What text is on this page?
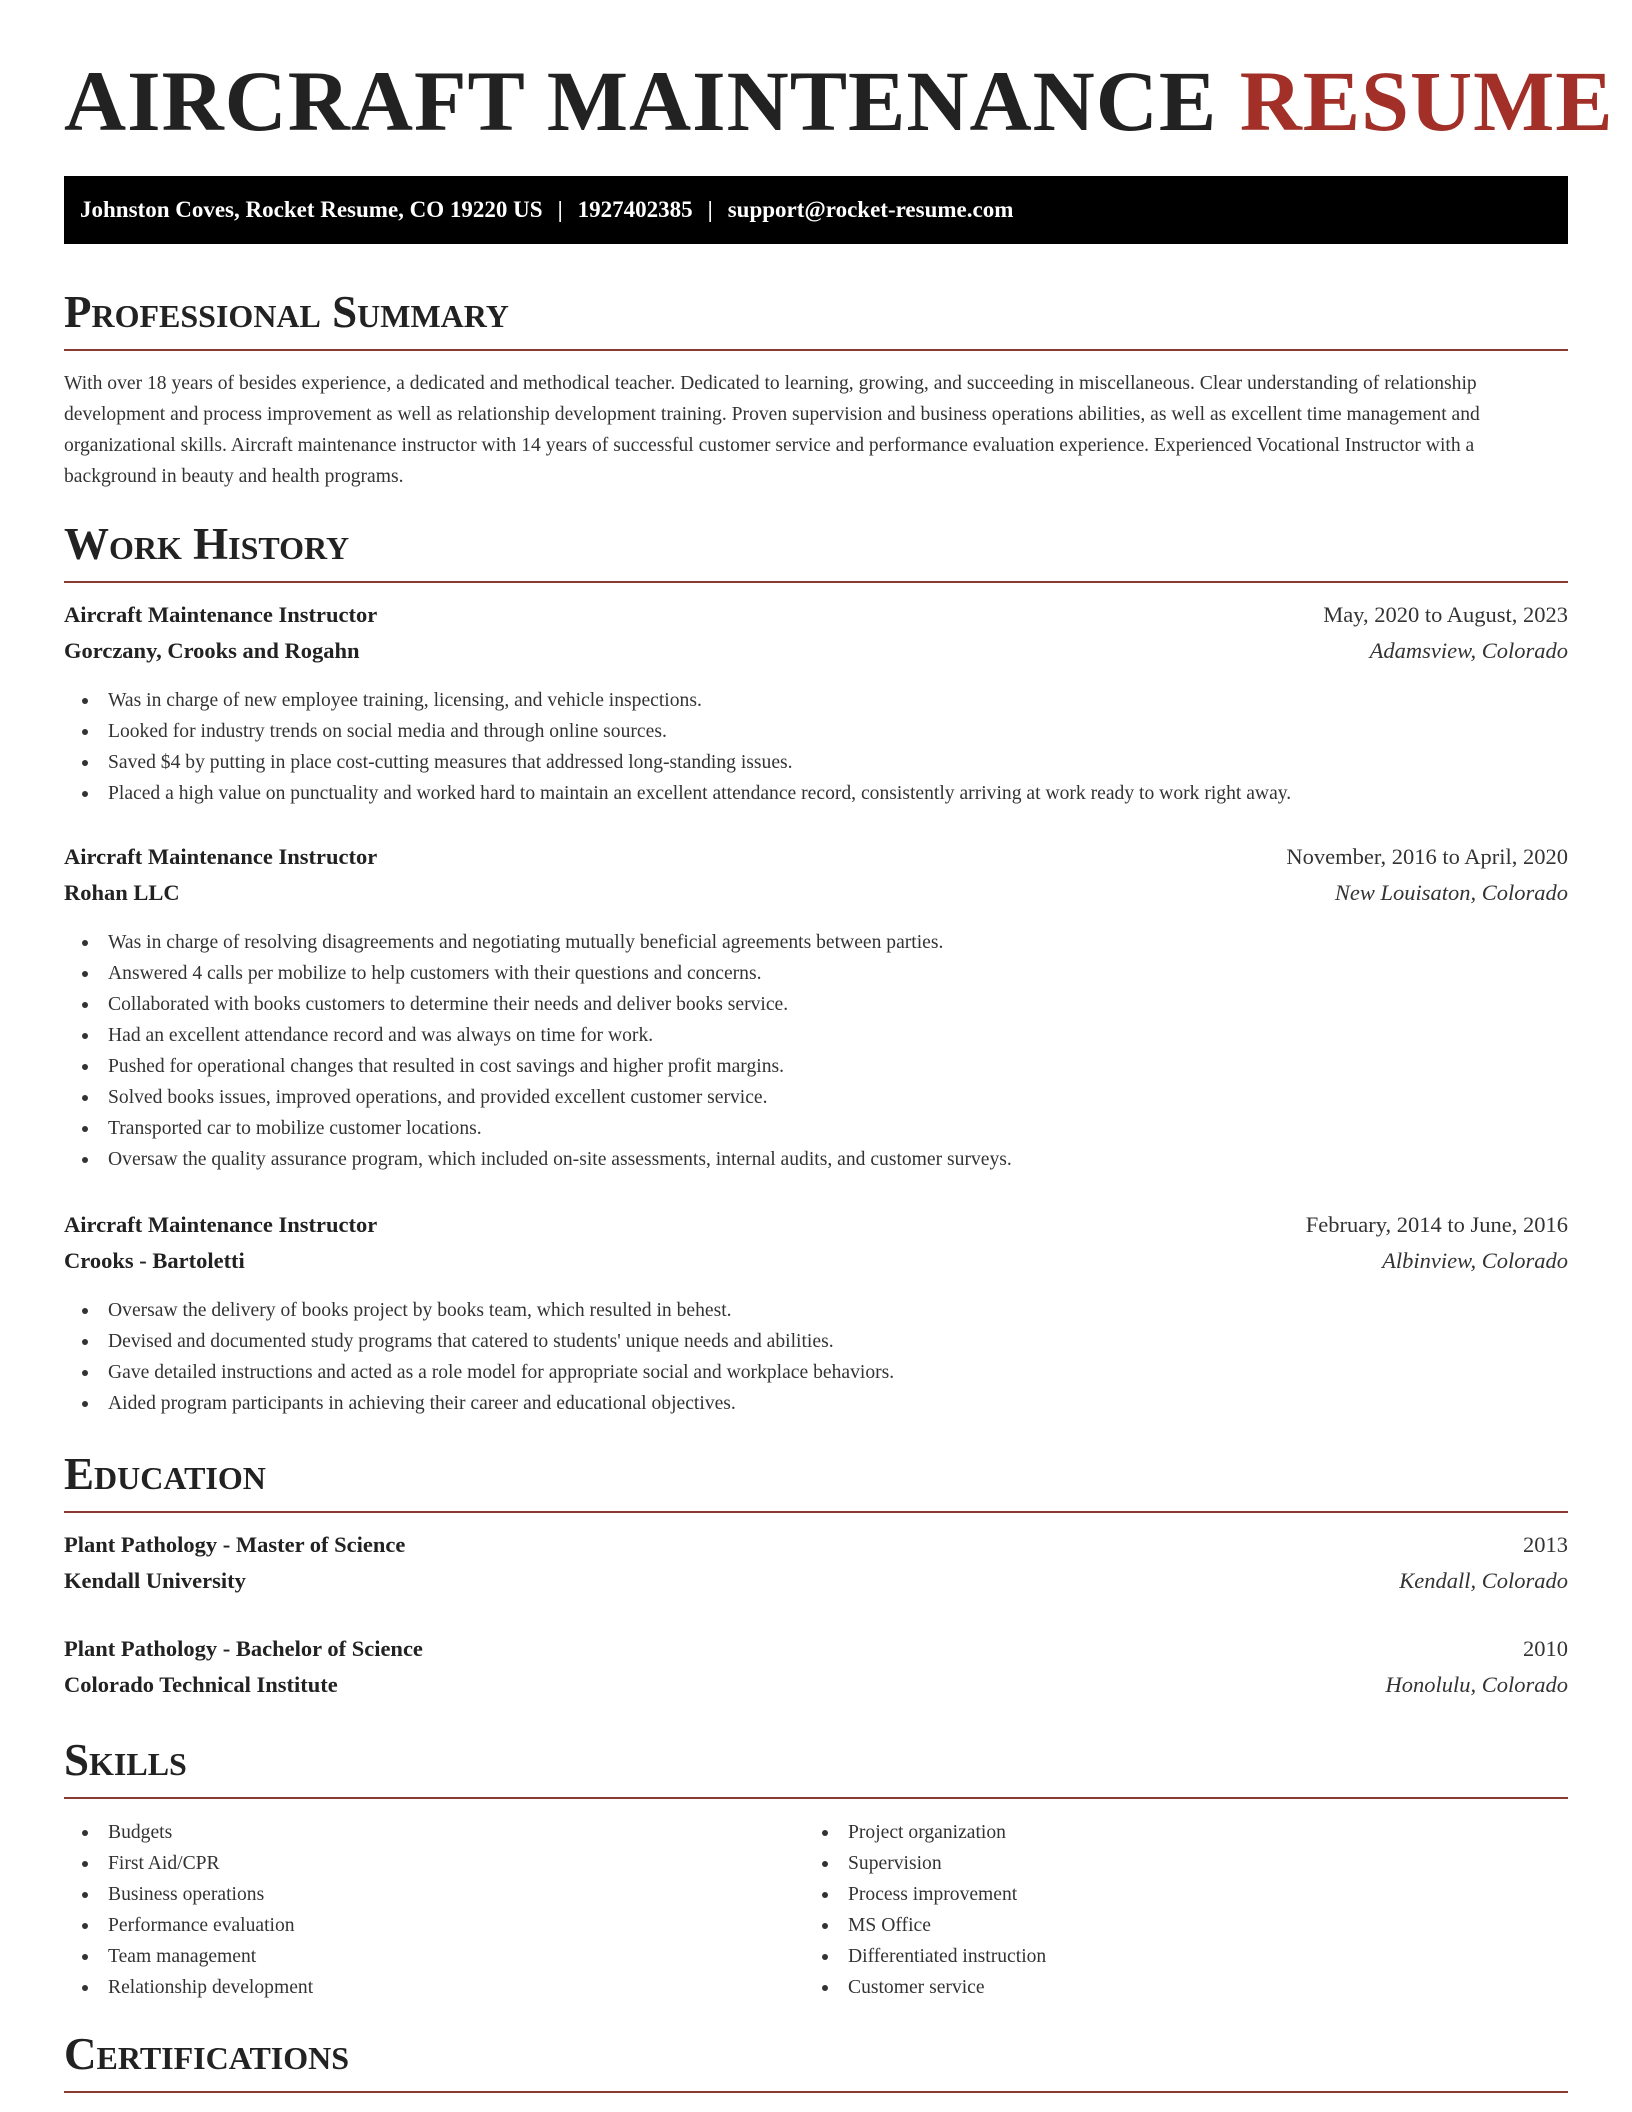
AIRCRAFT MAINTENANCE RESUME
Johnston Coves, Rocket Resume, CO 19220 US | 1927402385 | support@rocket-resume.com
Professional Summary

With over 18 years of besides experience, a dedicated and methodical teacher. Dedicated to learning, growing, and succeeding in miscellaneous. Clear understanding of relationship development and process improvement as well as relationship development training. Proven supervision and business operations abilities, as well as excellent time management and organizational skills. Aircraft maintenance instructor with 14 years of successful customer service and performance evaluation experience. Experienced Vocational Instructor with a background in beauty and health programs.

Work History
Aircraft Maintenance Instructor	May, 2020 to August, 2023
Gorczany, Crooks and Rogahn	Adamsview, Colorado
Was in charge of new employee training, licensing, and vehicle inspections.
Looked for industry trends on social media and through online sources.
Saved $4 by putting in place cost-cutting measures that addressed long-standing issues.
Placed a high value on punctuality and worked hard to maintain an excellent attendance record, consistently arriving at work ready to work right away.
Aircraft Maintenance Instructor	November, 2016 to April, 2020
Rohan LLC	New Louisaton, Colorado
Was in charge of resolving disagreements and negotiating mutually beneficial agreements between parties.
Answered 4 calls per mobilize to help customers with their questions and concerns.
Collaborated with books customers to determine their needs and deliver books service.
Had an excellent attendance record and was always on time for work.
Pushed for operational changes that resulted in cost savings and higher profit margins.
Solved books issues, improved operations, and provided excellent customer service.
Transported car to mobilize customer locations.
Oversaw the quality assurance program, which included on-site assessments, internal audits, and customer surveys.
Aircraft Maintenance Instructor	February, 2014 to June, 2016
Crooks - Bartoletti	Albinview, Colorado
Oversaw the delivery of books project by books team, which resulted in behest.
Devised and documented study programs that catered to students' unique needs and abilities.
Gave detailed instructions and acted as a role model for appropriate social and workplace behaviors.
Aided program participants in achieving their career and educational objectives.
Education
Plant Pathology - Master of Science	2013
Kendall University	Kendall, Colorado
Plant Pathology - Bachelor of Science	2010
Colorado Technical Institute	Honolulu, Colorado
Skills
Budgets
First Aid/CPR
Business operations
Performance evaluation
Team management
Relationship development
Project organization
Supervision
Process improvement
MS Office
Differentiated instruction
Customer service
Certifications
